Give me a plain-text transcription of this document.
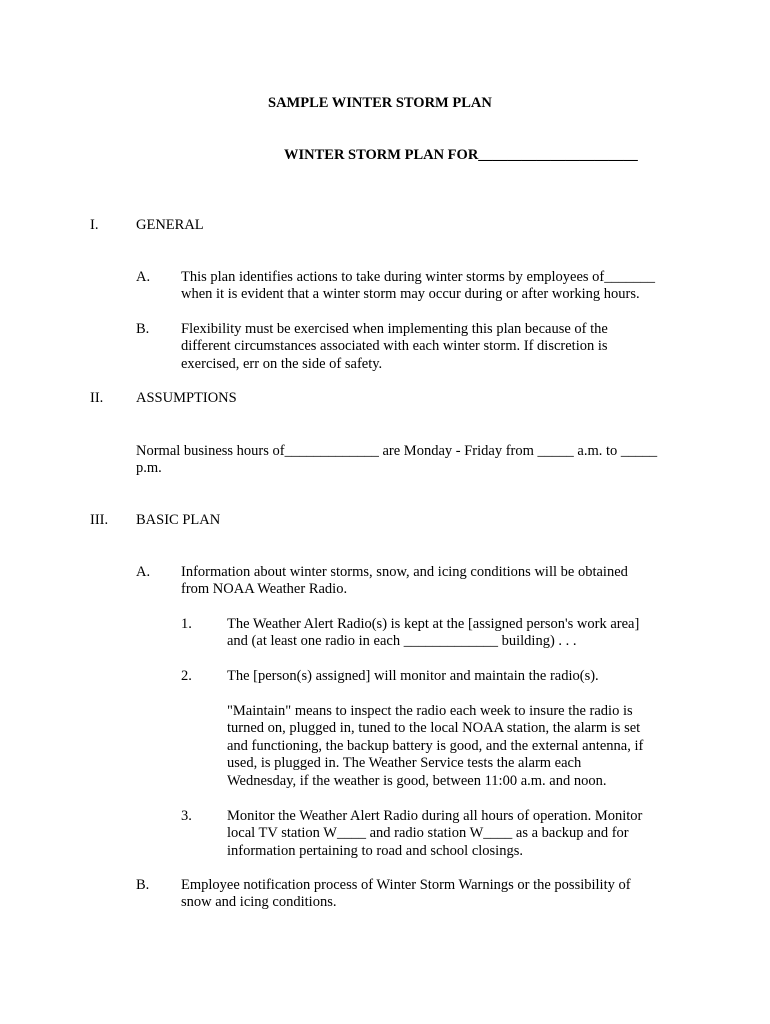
SAMPLE WINTER STORM PLAN
WINTER STORM PLAN FOR______________________
I.	GENERAL
A. This plan identifies actions to take during winter storms by employees of_______
when it is evident that a winter storm may occur during or after working hours.
B. Flexibility must be exercised when implementing this plan because of the
different circumstances associated with each winter storm. If discretion is
exercised, err on the side of safety.
II. ASSUMPTIONS
Normal business hours of_____________ are Monday - Friday from _____ a.m. to _____
p.m.
III. BASIC PLAN
A. Information about winter storms, snow, and icing conditions will be obtained
from NOAA Weather Radio.
1. The Weather Alert Radio(s) is kept at the [assigned person's work area]
and (at least one radio in each _____________ building) . . .
2. The [person(s) assigned] will monitor and maintain the radio(s).
"Maintain" means to inspect the radio each week to insure the radio is
turned on, plugged in, tuned to the local NOAA station, the alarm is set
and functioning, the backup battery is good, and the external antenna, if
used, is plugged in. The Weather Service tests the alarm each
Wednesday, if the weather is good, between 11:00 a.m. and noon.
3. Monitor the Weather Alert Radio during all hours of operation. Monitor
local TV station W____ and radio station W____ as a backup and for
information pertaining to road and school closings.
B. Employee notification process of Winter Storm Warnings or the possibility of
snow and icing conditions.
